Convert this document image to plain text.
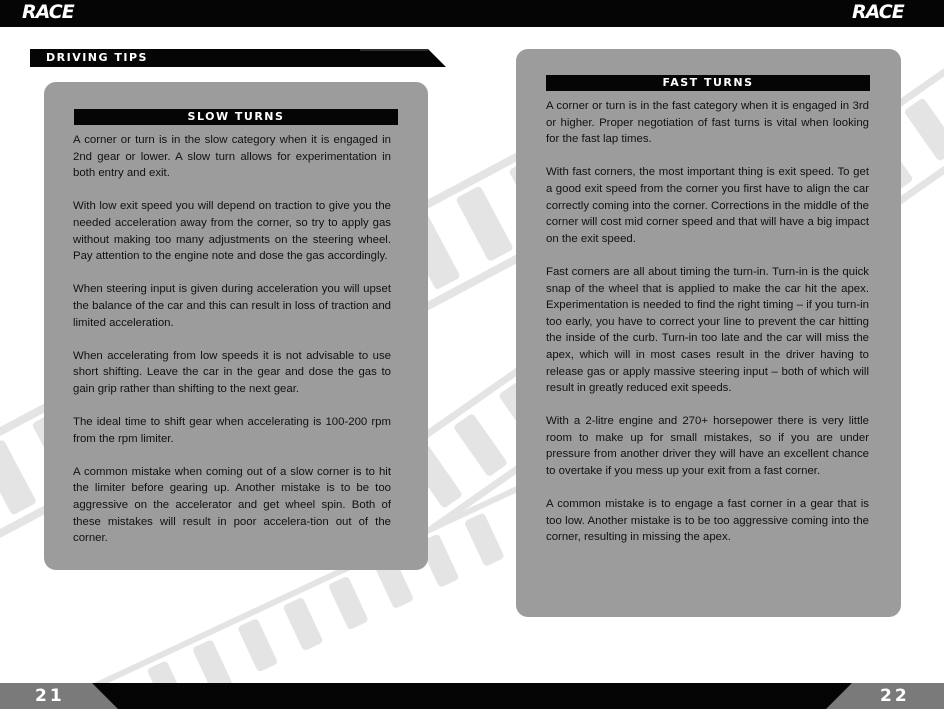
RACE	RACE
DRIVING TIPS
SLOW TURNS

A corner or turn is in the slow category when it is engaged in 2nd gear or lower. A slow turn allows for experimentation in both entry and exit.

With low exit speed you will depend on traction to give you the needed acceleration away from the corner, so try to apply gas without making too many adjustments on the steering wheel. Pay attention to the engine note and dose the gas accordingly.

When steering input is given during acceleration you will upset the balance of the car and this can result in loss of traction and limited acceleration.

When accelerating from low speeds it is not advisable to use short shifting. Leave the car in the gear and dose the gas to gain grip rather than shifting to the next gear.

The ideal time to shift gear when accelerating is 100-200 rpm from the rpm limiter.

A common mistake when coming out of a slow corner is to hit the limiter before gearing up. Another mistake is to be too aggressive on the accelerator and get wheel spin. Both of these mistakes will result in poor accelera-tion out of the corner.

FAST TURNS

A corner or turn is in the fast category when it is engaged in 3rd or higher. Proper negotiation of fast turns is vital when looking for the fast lap times.

With fast corners, the most important thing is exit speed. To get a good exit speed from the corner you first have to align the car correctly coming into the corner. Corrections in the middle of the corner will cost mid corner speed and that will have a big impact on the exit speed.

Fast corners are all about timing the turn-in. Turn-in is the quick snap of the wheel that is applied to make the car hit the apex. Experimentation is needed to find the right timing – if you turn-in too early, you have to correct your line to prevent the car hitting the inside of the curb. Turn-in too late and the car will miss the apex, which will in most cases result in the driver having to release gas or apply massive steering input – both of which will result in greatly reduced exit speeds.

With a 2-litre engine and 270+ horsepower there is very little room to make up for small mistakes, so if you are under pressure from another driver they will have an excellent chance to overtake if you mess up your exit from a fast corner.

A common mistake is to engage a fast corner in a gear that is too low. Another mistake is to be too aggressive coming into the corner, resulting in missing the apex.

21	22
